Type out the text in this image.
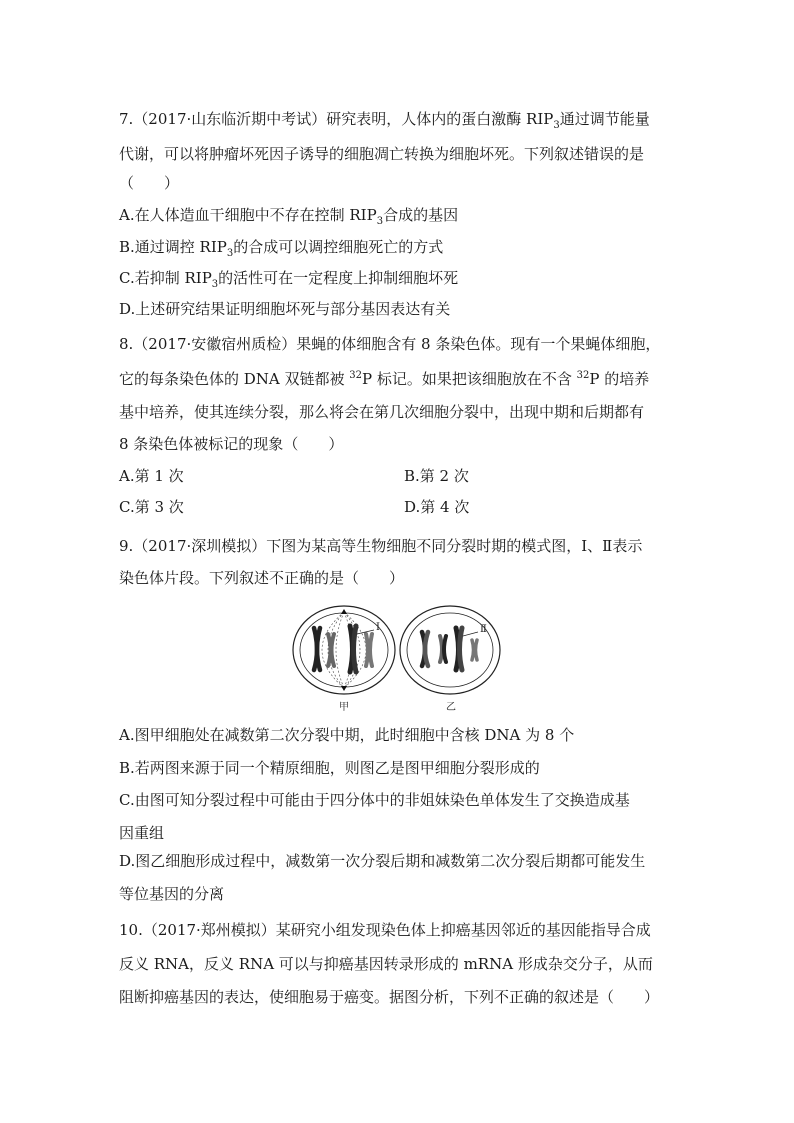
7.（2017·山东临沂期中考试）研究表明，人体内的蛋白激酶 $RIP_3$通过调节能量
代谢，可以将肿瘤坏死因子诱导的细胞凋亡转换为细胞坏死。下列叙述错误的是
（　　）
A.在人体造血干细胞中不存在控制 $RIP_3$合成的基因
B.通过调控 $RIP_3$的合成可以调控细胞死亡的方式
C.若抑制 $RIP_3$的活性可在一定程度上抑制细胞坏死
D.上述研究结果证明细胞坏死与部分基因表达有关
8.（2017·安徽宿州质检）果蝇的体细胞含有 8 条染色体。现有一个果蝇体细胞，
它的每条染色体的 DNA 双链都被 $^{32}$P 标记。如果把该细胞放在不含 $^{32}$P 的培养
基中培养，使其连续分裂，那么将会在第几次细胞分裂中，出现中期和后期都有
8 条染色体被标记的现象（　　）
A.第 1 次	B.第 2 次
C.第 3 次	D.第 4 次
9.（2017·深圳模拟）下图为某高等生物细胞不同分裂时期的模式图，Ⅰ、Ⅱ表示
染色体片段。下列叙述不正确的是（　　）
Ⅰ	Ⅱ
甲	乙
A.图甲细胞处在减数第二次分裂中期，此时细胞中含核 DNA 为 8 个
B.若两图来源于同一个精原细胞，则图乙是图甲细胞分裂形成的
C.由图可知分裂过程中可能由于四分体中的非姐妹染色单体发生了交换造成基
因重组
D.图乙细胞形成过程中，减数第一次分裂后期和减数第二次分裂后期都可能发生
等位基因的分离
10.（2017·郑州模拟）某研究小组发现染色体上抑癌基因邻近的基因能指导合成
反义 RNA，反义 RNA 可以与抑癌基因转录形成的 mRNA 形成杂交分子，从而
阻断抑癌基因的表达，使细胞易于癌变。据图分析，下列不正确的叙述是（　　）
